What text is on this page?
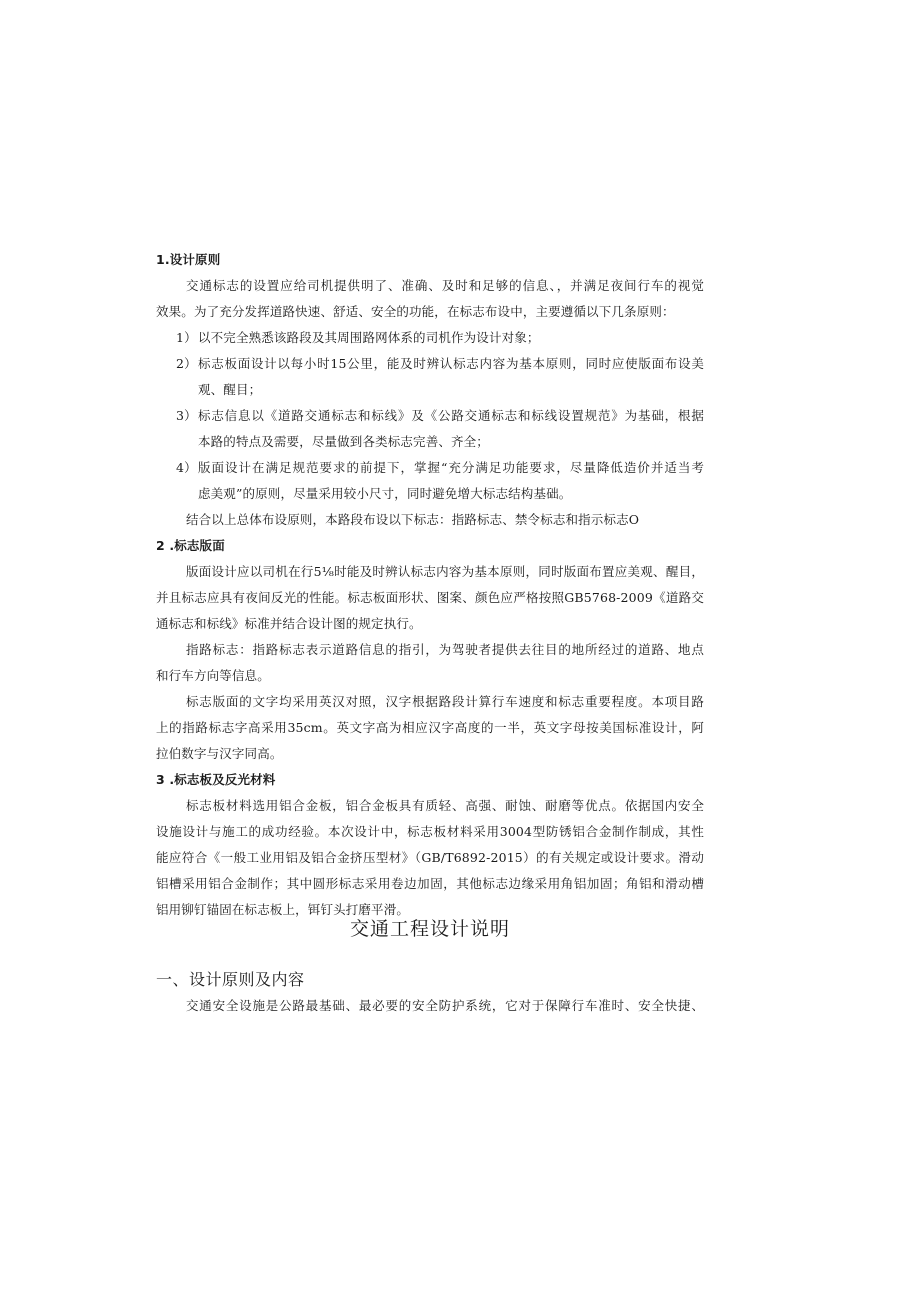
1.设计原则
交通标志的设置应给司机提供明了、准确、及时和足够的信息、，并满足夜间行车的视觉
效果。为了充分发挥道路快速、舒适、安全的功能，在标志布设中，主要遵循以下几条原则：
1） 以不完全熟悉该路段及其周围路网体系的司机作为设计对象；
2） 标志板面设计以每小时15公里，能及时辨认标志内容为基本原则，同时应使版面布设美
观、醒目；
3） 标志信息以《道路交通标志和标线》及《公路交通标志和标线设置规范》为基础，根据
本路的特点及需要，尽量做到各类标志完善、齐全；
4） 版面设计在满足规范要求的前提下，掌握“充分满足功能要求，尽量降低造价并适当考
虑美观”的原则，尽量采用较小尺寸，同时避免增大标志结构基础。
结合以上总体布设原则，本路段布设以下标志：指路标志、禁令标志和指示标志O
2 .标志版面
版面设计应以司机在行5⅛时能及时辨认标志内容为基本原则，同时版面布置应美观、醒目，
并且标志应具有夜间反光的性能。标志板面形状、图案、颜色应严格按照GB5768-2009《道路交
通标志和标线》标准并结合设计图的规定执行。
指路标志：指路标志表示道路信息的指引，为驾驶者提供去往目的地所经过的道路、地点
和行车方向等信息。
标志版面的文字均采用英汉对照，汉字根据路段计算行车速度和标志重要程度。本项目路
上的指路标志字高采用35cm。英文字高为相应汉字高度的一半，英文字母按美国标准设计，阿
拉伯数字与汉字同高。
3 .标志板及反光材料
标志板材料选用铝合金板，铝合金板具有质轻、高强、耐蚀、耐磨等优点。依据国内安全
设施设计与施工的成功经验。本次设计中，标志板材料采用3004型防锈铝合金制作制成，其性
能应符合《一般工业用铝及铝合金挤压型材》（GB/T6892-2015）的有关规定或设计要求。滑动
铝槽采用铝合金制作；其中圆形标志采用卷边加固，其他标志边缘采用角铝加固；角铝和滑动槽
铝用铆钉锚固在标志板上，铒钉头打磨平滑。
交通工程设计说明
一、设计原则及内容
交通安全设施是公路最基础、最必要的安全防护系统，它对于保障行车准时、安全快捷、
